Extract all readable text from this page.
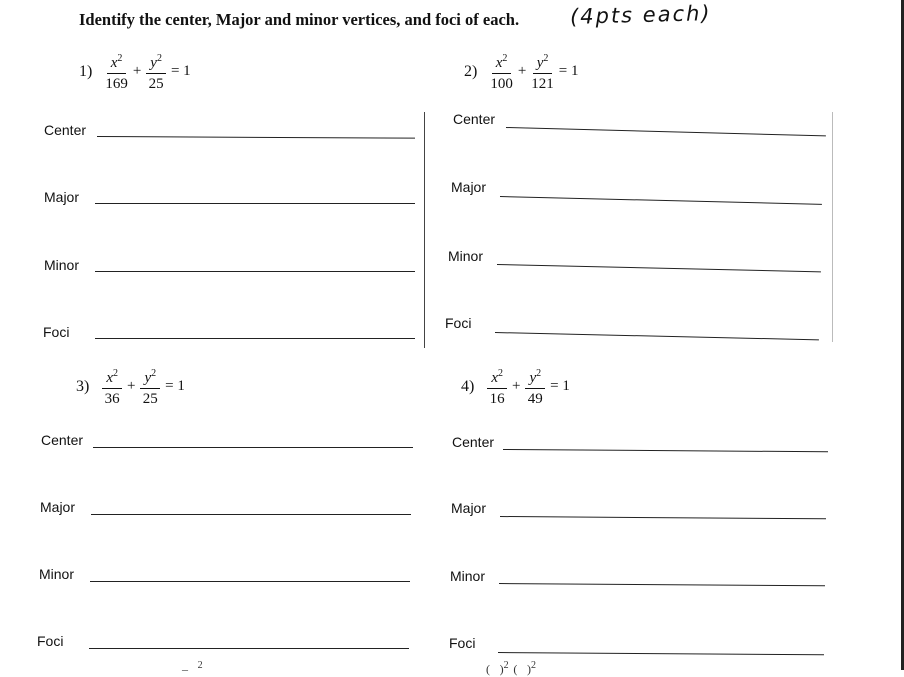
Identify the center, Major and minor vertices, and foci of each. (4pts each)
$1) \frac{x^2}{169} + \frac{y^2}{25} = 1$	$2) \frac{x^2}{100} + \frac{y^2}{121} = 1$
$3) \frac{x^2}{36} + \frac{y^2}{25} = 1$	$4) \frac{x^2}{16} + \frac{y^2}{49} = 1$
Center
Major
Minor
Foci
Center
Major
Minor
Foci
Center
Major
Minor
Foci
Center
Major
Minor
Foci
–    $^2$	(    )$^2$  (    )$^2$
